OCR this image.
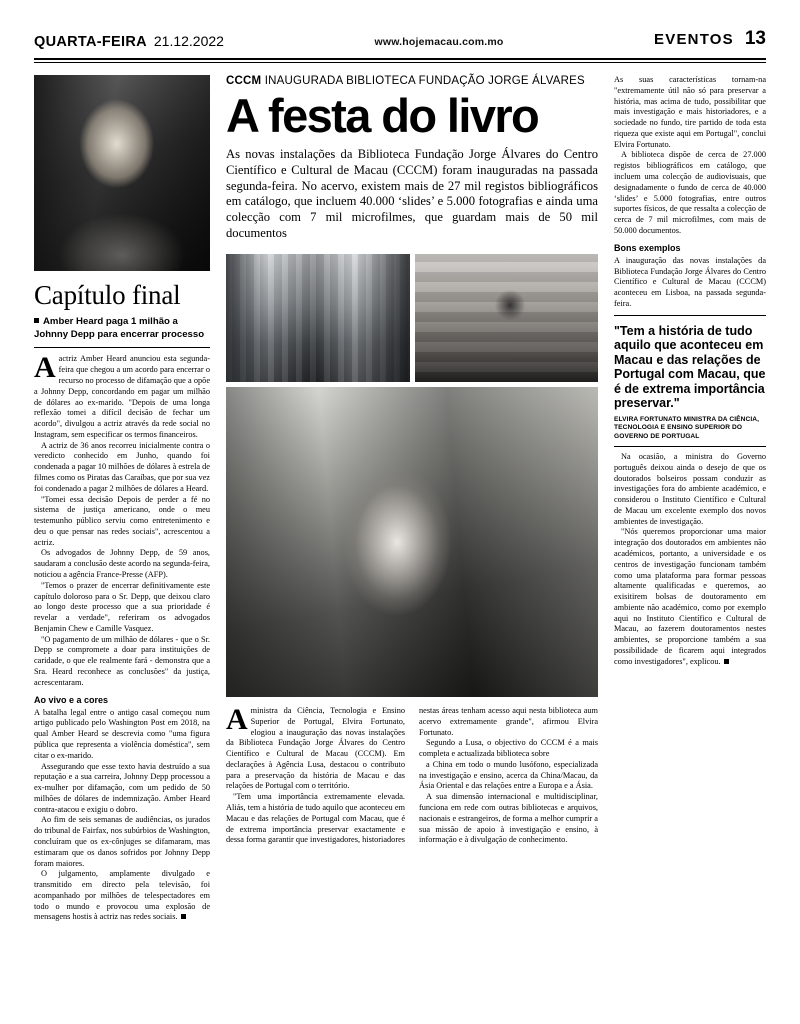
QUARTA-FEIRA 21.12.2022	www.hojemacau.com.mo	EVENTOS 13
Capítulo final
Amber Heard paga 1 milhão a Johnny Depp para encerrar processo

Aactriz Amber Heard anunciou esta segunda-feira que chegou a um acordo para encerrar o recurso no processo de difamação que a opõe a Johnny Depp, concordando em pagar um milhão de dólares ao ex-marido. "Depois de uma longa reflexão tomei a difícil decisão de fechar um acordo", divulgou a actriz através da rede social no Instagram, sem especificar os termos financeiros.

A actriz de 36 anos recorreu inicialmente contra o veredicto conhecido em Junho, quando foi condenada a pagar 10 milhões de dólares à estrela de filmes como os Piratas das Caraíbas, que por sua vez foi condenado a pagar 2 milhões de dólares a Heard.

"Tomei essa decisão Depois de perder a fé no sistema de justiça americano, onde o meu testemunho público serviu como entretenimento e deu o que pensar nas redes sociais", acrescentou a actriz.

Os advogados de Johnny Depp, de 59 anos, saudaram a conclusão deste acordo na segunda-feira, noticiou a agência France-Presse (AFP).

"Temos o prazer de encerrar definitivamente este capítulo doloroso para o Sr. Depp, que deixou claro ao longo deste processo que a sua prioridade é revelar a verdade", referiram os advogados Benjamin Chew e Camille Vasquez.

"O pagamento de um milhão de dólares - que o Sr. Depp se compromete a doar para instituições de caridade, o que ele realmente fará - demonstra que a Sra. Heard reconhece as conclusões" da justiça, acrescentaram.

Ao vivo e a cores

A batalha legal entre o antigo casal começou num artigo publicado pelo Washington Post em 2018, na qual Amber Heard se descrevia como "uma figura pública que representa a violência doméstica", sem citar o ex-marido.

Assegurando que esse texto havia destruído a sua reputação e a sua carreira, Johnny Depp processou a ex-mulher por difamação, com um pedido de 50 milhões de dólares de indemnização. Amber Heard contra-atacou e exigiu o dobro.

Ao fim de seis semanas de audiências, os jurados do tribunal de Fairfax, nos subúrbios de Washington, concluíram que os ex-cônjuges se difamaram, mas estimaram que os danos sofridos por Johnny Depp foram maiores.

O julgamento, amplamente divulgado e transmitido em directo pela televisão, foi acompanhado por milhões de telespectadores em todo o mundo e provocou uma explosão de mensagens hostis à actriz nas redes sociais.

CCCM INAUGURADA BIBLIOTECA FUNDAÇÃO JORGE ÁLVARES
A festa do livro
As novas instalações da Biblioteca Fundação Jorge Álvares do Centro Científico e Cultural de Macau (CCCM) foram inauguradas na passada segunda-feira. No acervo, existem mais de 27 mil registos bibliográficos em catálogo, que incluem 40.000 ‘slides’ e 5.000 fotografias e ainda uma colecção com 7 mil microfilmes, que guardam mais de 50 mil documentos

Aministra da Ciência, Tecnologia e Ensino Superior de Portugal, Elvira Fortunato, elogiou a inauguração das novas instalações da Biblioteca Fundação Jorge Álvares do Centro Científico e Cultural de Macau (CCCM). Em declarações à Agência Lusa, destacou o contributo para a preservação da história de Macau e das relações de Portugal com o território.

"Tem uma importância extremamente elevada. Aliás, tem a história de tudo aquilo que aconteceu em Macau e das relações de Portugal com Macau, que é de extrema importância preservar exactamente e dessa forma garantir que investigadores, historiadores nestas áreas tenham acesso aqui nesta biblioteca aum acervo extremamente grande", afirmou Elvira Fortunato.

Segundo a Lusa, o objectivo do CCCM é a mais completa e actualizada biblioteca sobre

a China em todo o mundo lusófono, especializada na investigação e ensino, acerca da China/Macau, da Ásia Oriental e das relações entre a Europa e a Ásia.

A sua dimensão internacional e multidisciplinar, funciona em rede com outras bibliotecas e arquivos, nacionais e estrangeiros, de forma a melhor cumprir a sua missão de apoio à investigação e ensino, à informação e à divulgação de conhecimento.

As suas características tornam-na "extremamente útil não só para preservar a história, mas acima de tudo, possibilitar que mais investigação e mais historiadores, e a sociedade no fundo, tire partido de toda esta riqueza que existe aqui em Portugal", conclui Elvira Fortunato.

A biblioteca dispõe de cerca de 27.000 registos bibliográficos em catálogo, que incluem uma colecção de audiovisuais, que designadamente o fundo de cerca de 40.000 ‘slides’ e 5.000 fotografias, entre outros suportes físicos, de que ressalta a colecção de cerca de 7 mil microfilmes, com mais de 50.000 documentos.

Bons exemplos

A inauguração das novas instalações da Biblioteca Fundação Jorge Álvares do Centro Científico e Cultural de Macau (CCCM) aconteceu em Lisboa, na passada segunda-feira.

"Tem a história de tudo aquilo que aconteceu em Macau e das relações de Portugal com Macau, que é de extrema importância preservar."
ELVIRA FORTUNATO MINISTRA DA CIÊNCIA, TECNOLOGIA E ENSINO SUPERIOR DO GOVERNO DE PORTUGAL

Na ocasião, a ministra do Governo português deixou ainda o desejo de que os doutorados bolseiros possam conduzir as investigações fora do ambiente académico, e considerou o Instituto Científico e Cultural de Macau um excelente exemplo dos novos ambientes de investigação.

"Nós queremos proporcionar uma maior integração dos doutorados em ambientes não académicos, portanto, a universidade e os centros de investigação funcionam também como uma plataforma para formar pessoas altamente qualificadas e queremos, ao exisitirem bolsas de doutoramento em ambiente não académico, como por exemplo aqui no Instituto Científico e Cultural de Macau, ao fazerem doutoramentos nestes ambientes, se proporcione também a sua possibilidade de ficarem aqui integrados como investigadores", explicou.
